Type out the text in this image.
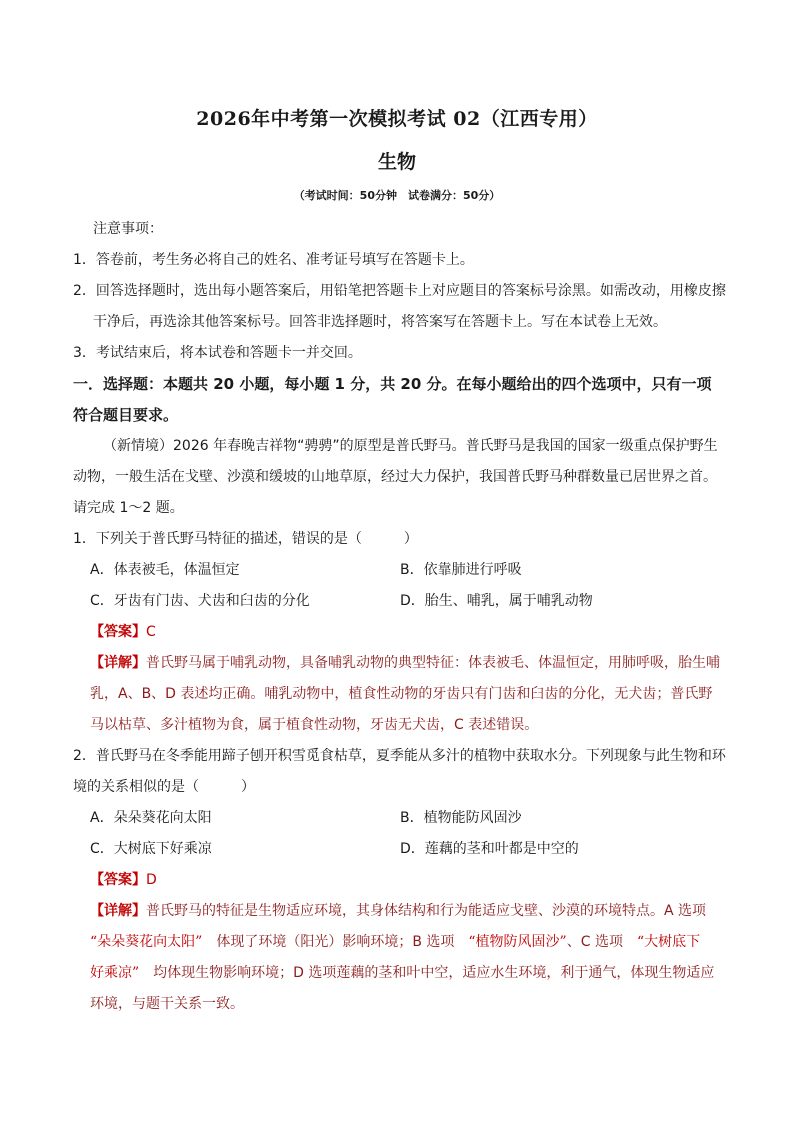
2026年中考第一次模拟考试 02（江西专用）
生物
（考试时间：50分钟　试卷满分：50分）
注意事项：
1．答卷前，考生务必将自己的姓名、准考证号填写在答题卡上。
2．回答选择题时，选出每小题答案后，用铅笔把答题卡上对应题目的答案标号涂黑。如需改动，用橡皮擦
干净后，再选涂其他答案标号。回答非选择题时，将答案写在答题卡上。写在本试卷上无效。
3．考试结束后，将本试卷和答题卡一并交回。
一．选择题：本题共 20 小题，每小题 1 分，共 20 分。在每小题给出的四个选项中，只有一项
符合题目要求。
（新情境）2026 年春晚吉祥物“骋骋”的原型是普氏野马。普氏野马是我国的国家一级重点保护野生
动物，一般生活在戈壁、沙漠和缓坡的山地草原，经过大力保护，我国普氏野马种群数量已居世界之首。
请完成 1～2 题。
1．下列关于普氏野马特征的描述，错误的是（　　　）
A．体表被毛，体温恒定	B．依靠肺进行呼吸
C．牙齿有门齿、犬齿和臼齿的分化	D．胎生、哺乳，属于哺乳动物
【答案】C
【详解】普氏野马属于哺乳动物，具备哺乳动物的典型特征：体表被毛、体温恒定，用肺呼吸，胎生哺
乳，A、B、D 表述均正确。哺乳动物中，植食性动物的牙齿只有门齿和臼齿的分化，无犬齿；普氏野
马以枯草、多汁植物为食，属于植食性动物，牙齿无犬齿，C 表述错误。
2．普氏野马在冬季能用蹄子刨开积雪觅食枯草，夏季能从多汁的植物中获取水分。下列现象与此生物和环
境的关系相似的是（　　　）
A．朵朵葵花向太阳	B．植物能防风固沙
C．大树底下好乘凉	D．莲藕的茎和叶都是中空的
【答案】D
【详解】普氏野马的特征是生物适应环境，其身体结构和行为能适应戈壁、沙漠的环境特点。A 选项
“朵朵葵花向太阳”　体现了环境（阳光）影响环境；B 选项　“植物防风固沙”、C 选项　“大树底下
好乘凉”　均体现生物影响环境；D 选项莲藕的茎和叶中空，适应水生环境，利于通气，体现生物适应
环境，与题干关系一致。
